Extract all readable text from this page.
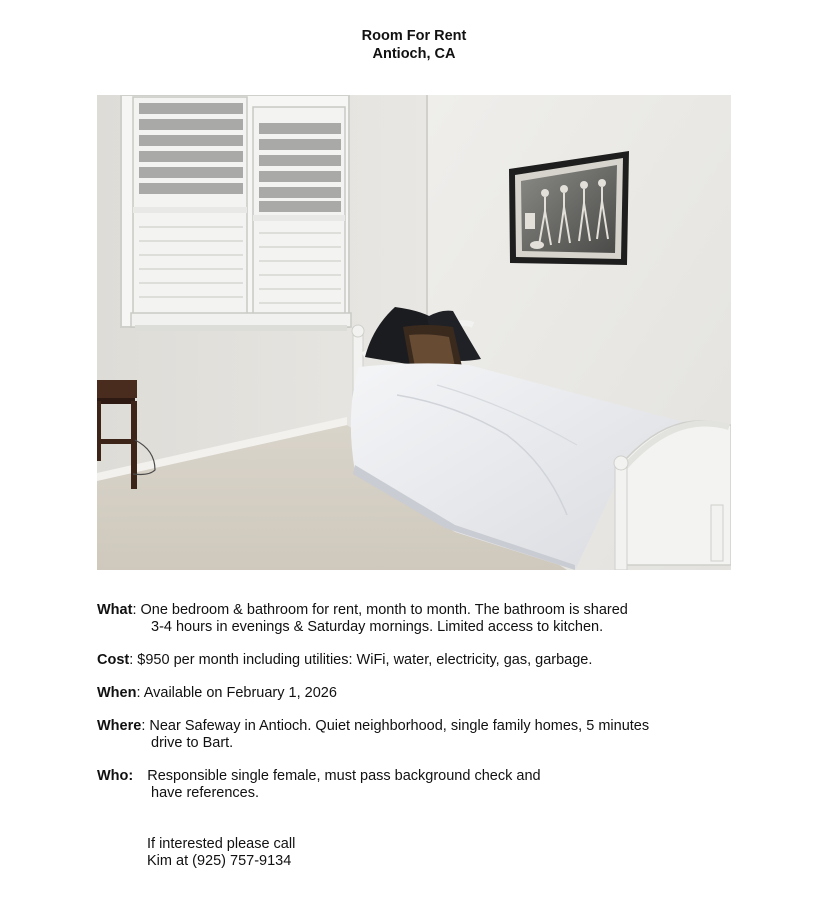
Room For Rent
Antioch, CA
What: One bedroom & bathroom for rent, month to month. The bathroom is shared
3-4 hours in evenings & Saturday mornings. Limited access to kitchen.
Cost: $950 per month including utilities: WiFi, water, electricity, gas, garbage.
When: Available on February 1, 2026
Where: Near Safeway in Antioch. Quiet neighborhood, single family homes, 5 minutes
drive to Bart.
Who: Responsible single female, must pass background check and
have references.
If interested please call
Kim at (925) 757-9134
